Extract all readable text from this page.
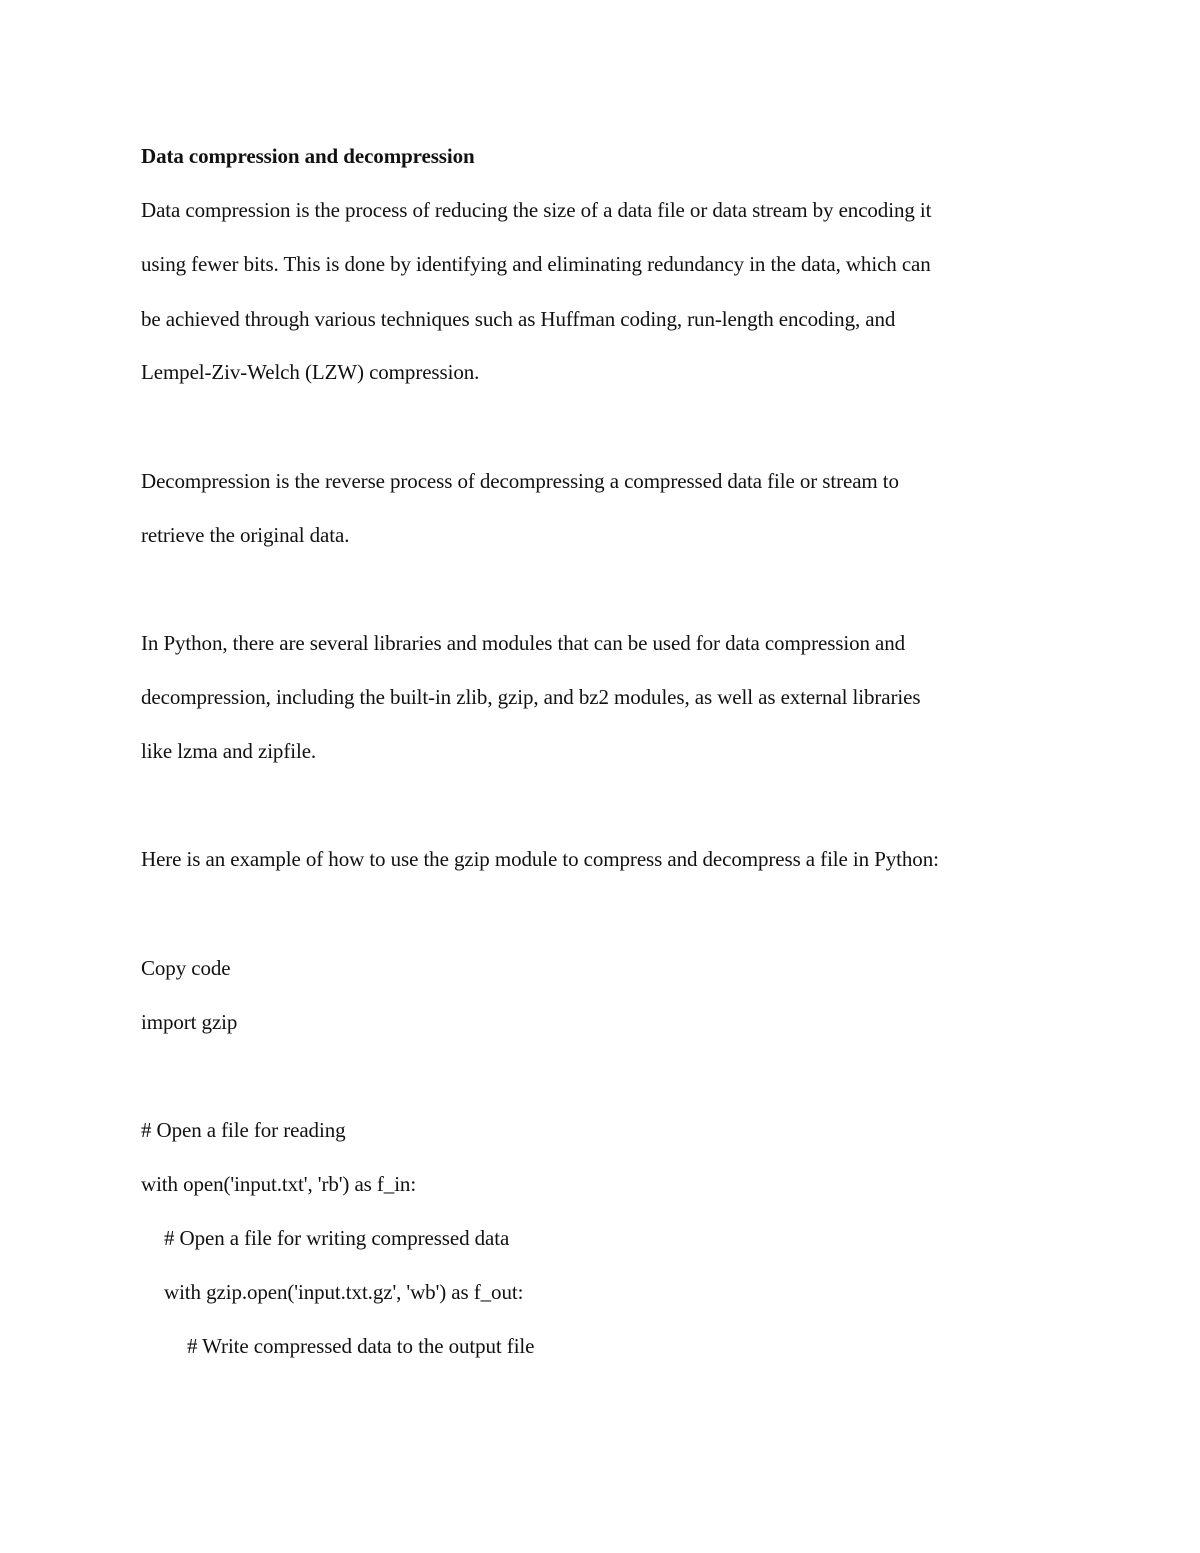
Data compression and decompression
Data compression is the process of reducing the size of a data file or data stream by encoding it
using fewer bits. This is done by identifying and eliminating redundancy in the data, which can
be achieved through various techniques such as Huffman coding, run-length encoding, and
Lempel-Ziv-Welch (LZW) compression.
Decompression is the reverse process of decompressing a compressed data file or stream to
retrieve the original data.
In Python, there are several libraries and modules that can be used for data compression and
decompression, including the built-in zlib, gzip, and bz2 modules, as well as external libraries
like lzma and zipfile.
Here is an example of how to use the gzip module to compress and decompress a file in Python:
Copy code
import gzip
# Open a file for reading
with open('input.txt', 'rb') as f_in:
# Open a file for writing compressed data
with gzip.open('input.txt.gz', 'wb') as f_out:
# Write compressed data to the output file
